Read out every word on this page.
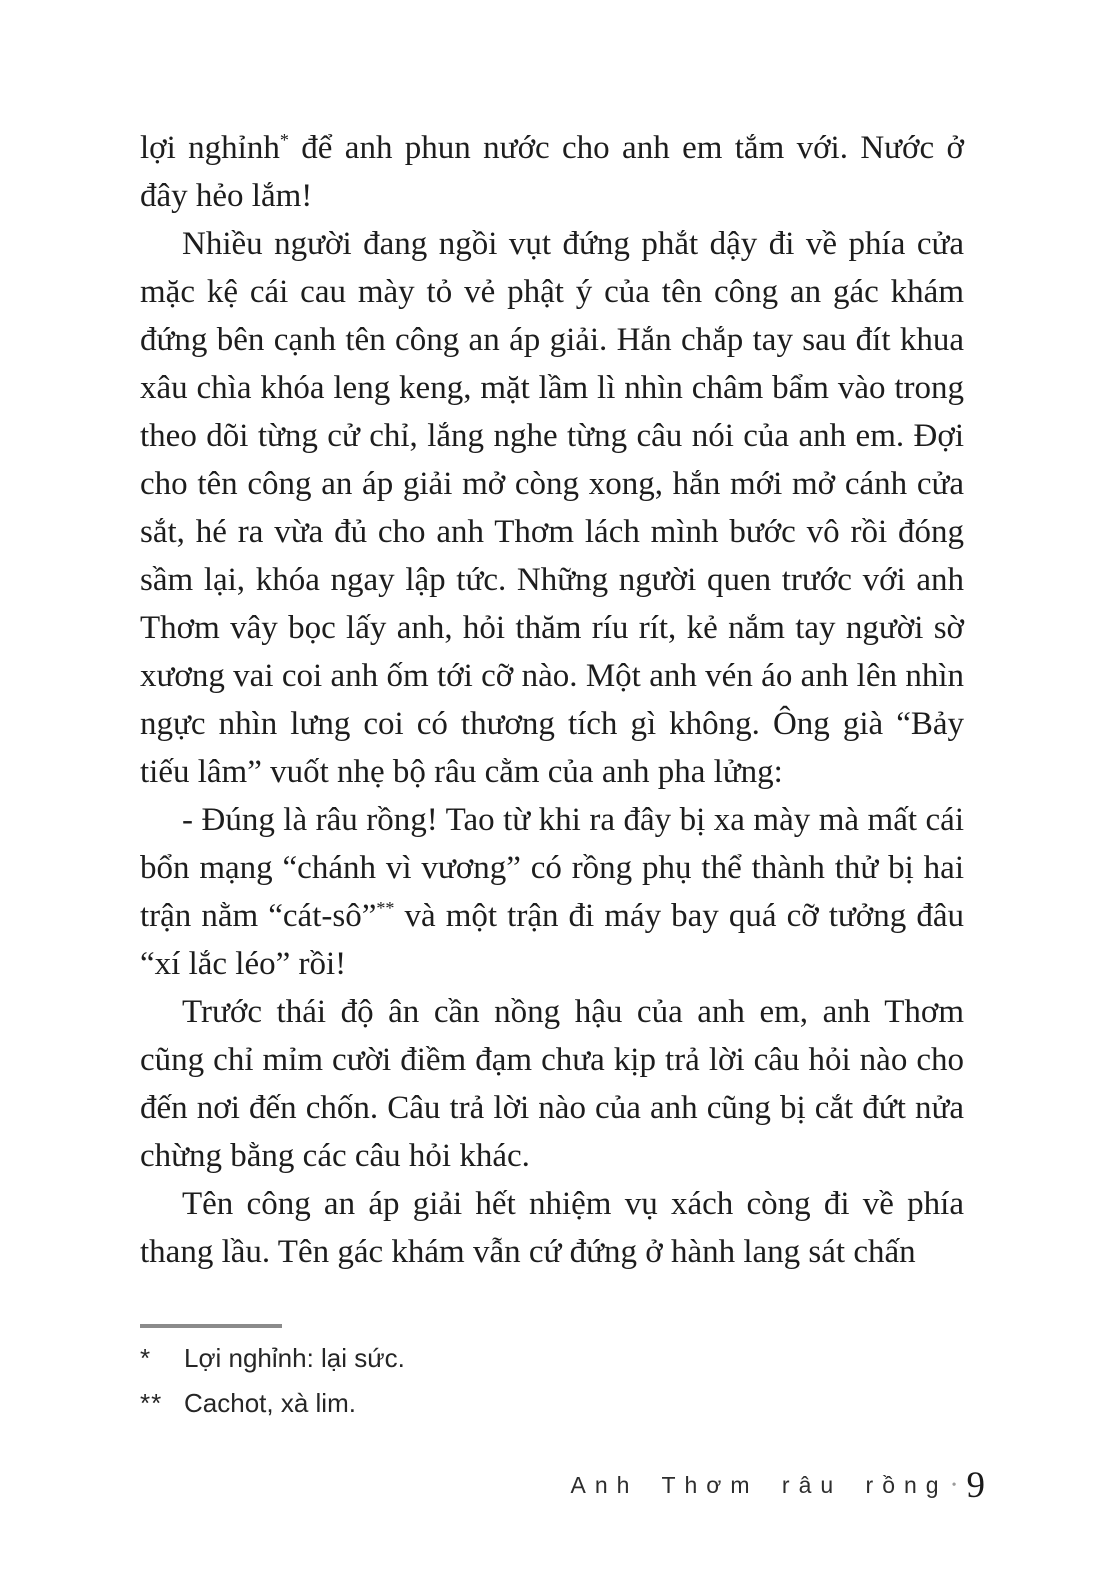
lợi nghỉnh* để anh phun nước cho anh em tắm với. Nước ở đây hẻo lắm!

Nhiều người đang ngồi vụt đứng phắt dậy đi về phía cửa mặc kệ cái cau mày tỏ vẻ phật ý của tên công an gác khám đứng bên cạnh tên công an áp giải. Hắn chắp tay sau đít khua xâu chìa khóa leng keng, mặt lầm lì nhìn châm bẩm vào trong theo dõi từng cử chỉ, lắng nghe từng câu nói của anh em. Đợi cho tên công an áp giải mở còng xong, hắn mới mở cánh cửa sắt, hé ra vừa đủ cho anh Thơm lách mình bước vô rồi đóng sầm lại, khóa ngay lập tức. Những người quen trước với anh Thơm vây bọc lấy anh, hỏi thăm ríu rít, kẻ nắm tay người sờ xương vai coi anh ốm tới cỡ nào. Một anh vén áo anh lên nhìn ngực nhìn lưng coi có thương tích gì không. Ông già “Bảy tiếu lâm” vuốt nhẹ bộ râu cằm của anh pha lửng:

- Đúng là râu rồng! Tao từ khi ra đây bị xa mày mà mất cái bổn mạng “chánh vì vương” có rồng phụ thể thành thử bị hai trận nằm “cát-sô”** và một trận đi máy bay quá cỡ tưởng đâu “xí lắc léo” rồi!

Trước thái độ ân cần nồng hậu của anh em, anh Thơm cũng chỉ mỉm cười điềm đạm chưa kịp trả lời câu hỏi nào cho đến nơi đến chốn. Câu trả lời nào của anh cũng bị cắt đứt nửa chừng bằng các câu hỏi khác.

Tên công an áp giải hết nhiệm vụ xách còng đi về phía thang lầu. Tên gác khám vẫn cứ đứng ở hành lang sát chấn

*	Lợi nghỉnh: lại sức.
** Cachot, xà lim.
Anh Thơm râu rồng • 9
